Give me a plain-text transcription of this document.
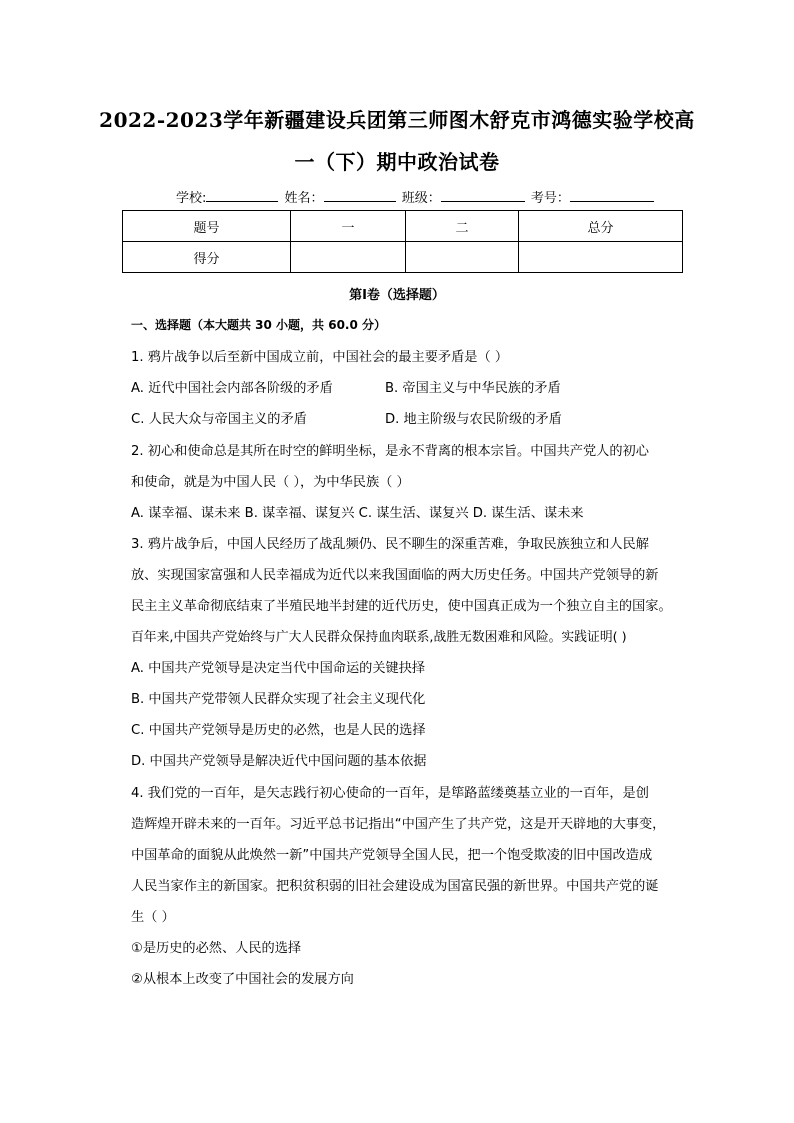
2022-2023学年新疆建设兵团第三师图木舒克市鸿德实验学校高
一（下）期中政治试卷
学校:	姓名：	班级：	考号：
题号	一	二	总分
得分			
第I卷（选择题）
一、选择题（本大题共 30 小题，共 60.0 分）
1. 鸦片战争以后至新中国成立前，中国社会的最主要矛盾是（ ）
A. 近代中国社会内部各阶级的矛盾	B. 帝国主义与中华民族的矛盾
C. 人民大众与帝国主义的矛盾	D. 地主阶级与农民阶级的矛盾
2. 初心和使命总是其所在时空的鲜明坐标，是永不背离的根本宗旨。中国共产党人的初心
和使命，就是为中国人民（ ），为中华民族（ ）
A. 谋幸福、谋未来 B. 谋幸福、谋复兴 C. 谋生活、谋复兴 D. 谋生活、谋未来
3. 鸦片战争后，中国人民经历了战乱频仍、民不聊生的深重苦难，争取民族独立和人民解
放、实现国家富强和人民幸福成为近代以来我国面临的两大历史任务。中国共产党领导的新
民主主义革命彻底结束了半殖民地半封建的近代历史，使中国真正成为一个独立自主的国家。
百年来,中国共产党始终与广大人民群众保持血肉联系,战胜无数困难和风险。实践证明( )
A. 中国共产党领导是决定当代中国命运的关键抉择
B. 中国共产党带领人民群众实现了社会主义现代化
C. 中国共产党领导是历史的必然，也是人民的选择
D. 中国共产党领导是解决近代中国问题的基本依据
4. 我们党的一百年，是矢志践行初心使命的一百年，是筚路蓝缕奠基立业的一百年，是创
造辉煌开辟未来的一百年。习近平总书记指出“中国产生了共产党，这是开天辟地的大事变，
中国革命的面貌从此焕然一新”中国共产党领导全国人民，把一个饱受欺凌的旧中国改造成
人民当家作主的新国家。把积贫积弱的旧社会建设成为国富民强的新世界。中国共产党的诞
生（ ）
①是历史的必然、人民的选择
②从根本上改变了中国社会的发展方向
